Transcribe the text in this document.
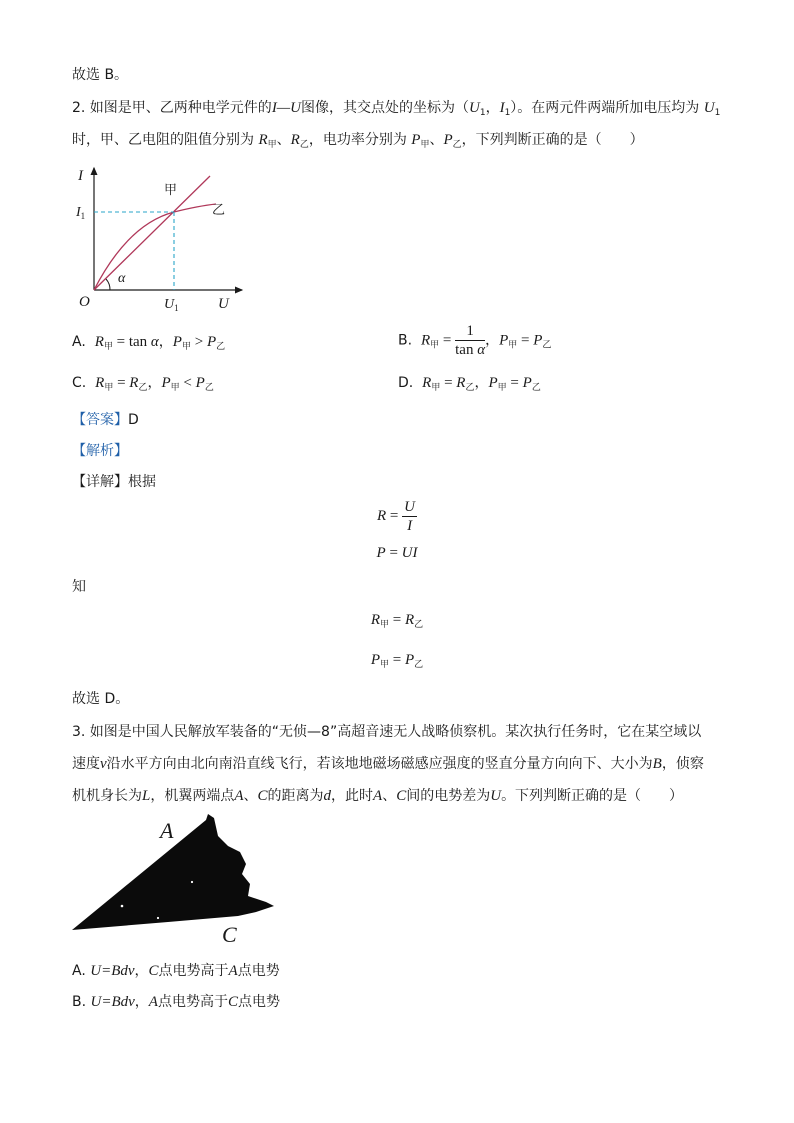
故选 B。
2. 如图是甲、乙两种电学元件的I—U图像，其交点处的坐标为（$U_1$，$I_1$）。在两元件两端所加电压均为 $U_1$
时，甲、乙电阻的阻值分别为 $R_甲$、$R_乙$，电功率分别为 $P_甲$、$P_乙$，下列判断正确的是（　　）
I
U
O	$U_1$
$I_1$
甲
乙
α
A. $R_甲 = \tan \alpha$，$P_甲 > P_乙$	B. $R_甲 = \frac{1}{\text{tan α}}$ ，$P_甲 = P_乙$
C. $R_甲 = R_乙$，$P_甲 < P_乙$	D. $R_甲 = R_乙$，$P_甲 = P_乙$
【答案】D
【解析】
【详解】根据
$R = \frac{U}{I}$
P = UI
知
$R_甲 = R_乙$
$P_甲 = P_乙$
故选 D。
3. 如图是中国人民解放军装备的“无侦—8”高超音速无人战略侦察机。某次执行任务时，它在某空域以
速度v沿水平方向由北向南沿直线飞行，若该地地磁场磁感应强度的竖直分量方向向下、大小为B，侦察
机机身长为L，机翼两端点A、C的距离为d，此时A、C间的电势差为U。下列判断正确的是（　　）
A
C
A. U=Bdv，C点电势高于A点电势
B. U=Bdv，A点电势高于C点电势
